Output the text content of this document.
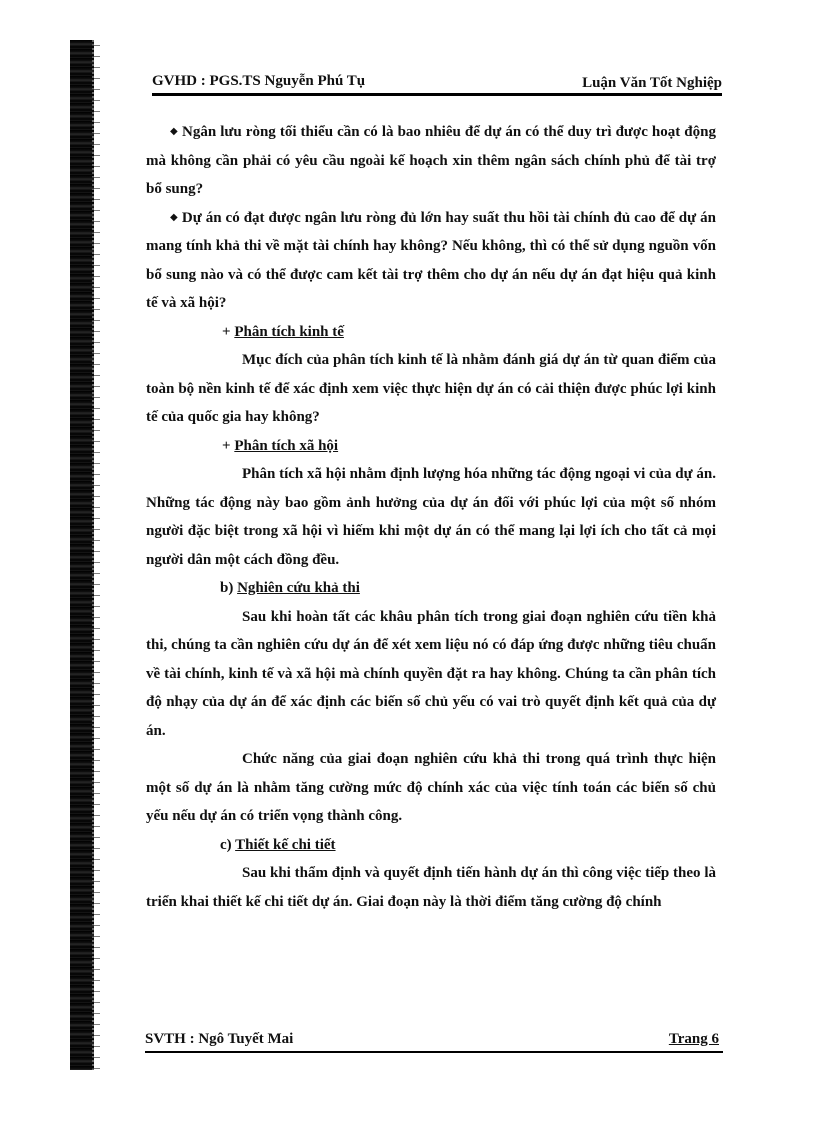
GVHD : PGS.TS Nguyễn Phú Tụ	Luận Văn Tốt Nghiệp

◆ Ngân lưu ròng tối thiểu cần có là bao nhiêu để dự án có thể duy trì được hoạt động mà không cần phải có yêu cầu ngoài kế hoạch xin thêm ngân sách chính phủ để tài trợ bổ sung?

◆ Dự án có đạt được ngân lưu ròng đủ lớn hay suất thu hồi tài chính đủ cao để dự án mang tính khả thi về mặt tài chính hay không? Nếu không, thì có thể sử dụng nguồn vốn bổ sung nào và có thể được cam kết tài trợ thêm cho dự án nếu dự án đạt hiệu quả kinh tế và xã hội?

+ Phân tích kinh tế

Mục đích của phân tích kinh tế là nhằm đánh giá dự án từ quan điểm của toàn bộ nền kinh tế để xác định xem việc thực hiện dự án có cải thiện được phúc lợi kinh tế của quốc gia hay không?

+ Phân tích xã hội

Phân tích xã hội nhằm định lượng hóa những tác động ngoại vi của dự án. Những tác động này bao gồm ảnh hưởng của dự án đối với phúc lợi của một số nhóm người đặc biệt trong xã hội vì hiếm khi một dự án có thể mang lại lợi ích cho tất cả mọi người dân một cách đồng đều.

b) Nghiên cứu khả thi

Sau khi hoàn tất các khâu phân tích trong giai đoạn nghiên cứu tiền khả thi, chúng ta cần nghiên cứu dự án để xét xem liệu nó có đáp ứng được những tiêu chuẩn về tài chính, kinh tế và xã hội mà chính quyền đặt ra hay không. Chúng ta cần phân tích độ nhạy của dự án để xác định các biến số chủ yếu có vai trò quyết định kết quả của dự án.

Chức năng của giai đoạn nghiên cứu khả thi trong quá trình thực hiện một số dự án là nhằm tăng cường mức độ chính xác của việc tính toán các biến số chủ yếu nếu dự án có triển vọng thành công.

c) Thiết kế chi tiết

Sau khi thẩm định và quyết định tiến hành dự án thì công việc tiếp theo là triển khai thiết kế chi tiết dự án. Giai đoạn này là thời điểm tăng cường độ chính

SVTH : Ngô Tuyết Mai	Trang 6
